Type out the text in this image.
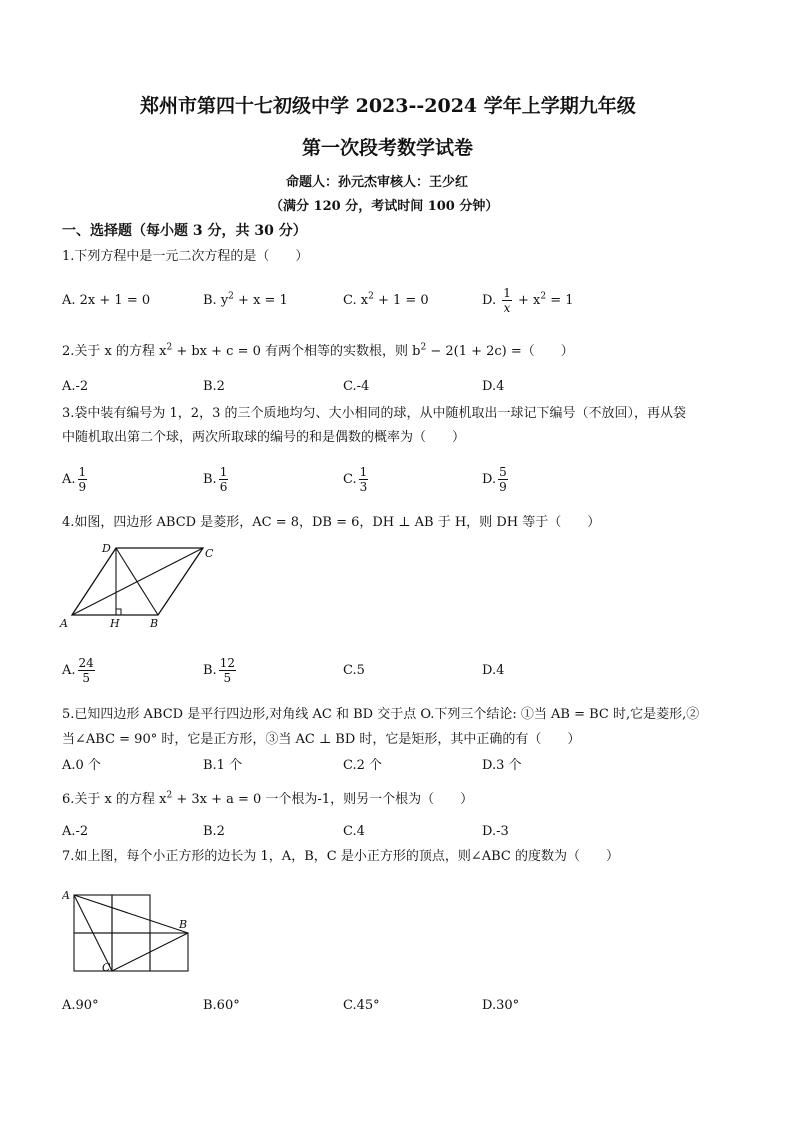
郑州市第四十七初级中学 2023--2024 学年上学期九年级
第一次段考数学试卷
命题人：孙元杰审核人：王少红
（满分 120 分，考试时间 100 分钟）
一、选择题（每小题 3 分，共 30 分）
1.下列方程中是一元二次方程的是（　　）
A. 2x + 1 = 0	B. $y^2 + x = 1$	C. $x^2 + 1 = 0$	D. $\frac{1}{x} + x^2 = 1$
2.关于 x 的方程 $x^2$ + bx + c = 0 有两个相等的实数根，则 $b^2 - 2(1 + 2c)$ =（　　）
A.-2	B.2	C.-4	D.4
3.袋中装有编号为 1，2，3 的三个质地均匀、大小相同的球，从中随机取出一球记下编号（不放回），再从袋
中随机取出第二个球，两次所取球的编号的和是偶数的概率为（　　）
A. $\frac{1}{9}$	B. $\frac{1}{6}$	C. $\frac{1}{3}$	D. $\frac{5}{9}$
4.如图，四边形 ABCD 是菱形，AC = 8，DB = 6，DH ⊥ AB 于 H，则 DH 等于（　　）
A	B
C
D
H
A. $\frac{24}{5}$	B. $\frac{12}{5}$	C.5	D.4
5.已知四边形 ABCD 是平行四边形,对角线 AC 和 BD 交于点 O.下列三个结论: ①当 AB = BC 时,它是菱形,②
当∠ABC = 90° 时，它是正方形，③当 AC ⊥ BD 时，它是矩形，其中正确的有（　　）
A.0 个	B.1 个	C.2 个	D.3 个
6.关于 x 的方程 $x^2 + 3x + a = 0$ 一个根为-1，则另一个根为（　　）
A.-2	B.2	C.4	D.-3
7.如上图，每个小正方形的边长为 1，A，B，C 是小正方形的顶点，则∠ABC 的度数为（　　）
A
B
C
A.90°	B.60°	C.45°	D.30°
